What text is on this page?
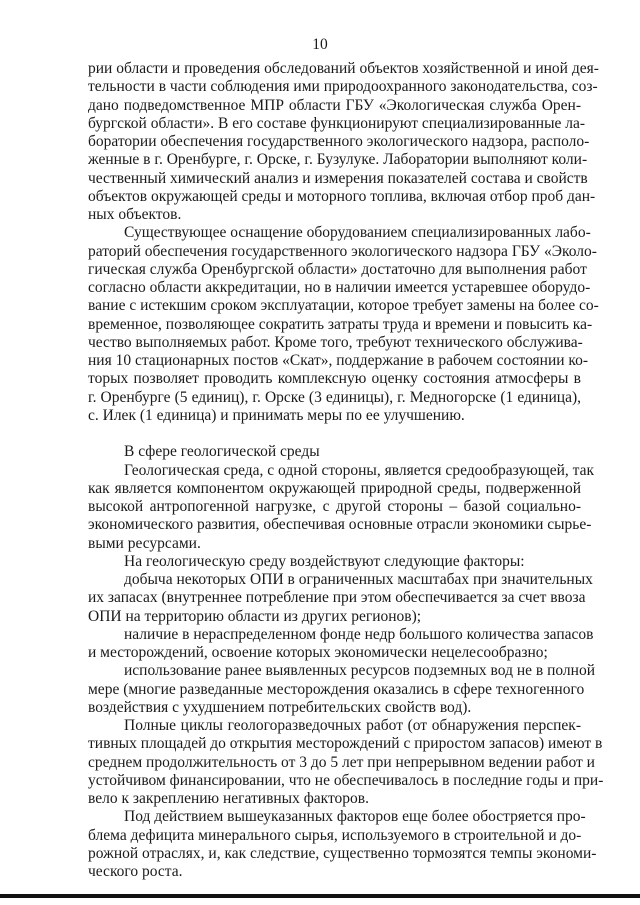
10
рии области и проведения обследований объектов хозяйственной и иной дея-
тельности в части соблюдения ими природоохранного законодательства, соз-
дано подведомственное МПР области ГБУ «Экологическая служба Орен-
бургской области». В его составе функционируют специализированные ла-
боратории обеспечения государственного экологического надзора, располо-
женные в г. Оренбурге, г. Орске, г. Бузулуке. Лаборатории выполняют коли-
чественный химический анализ и измерения показателей состава и свойств
объектов окружающей среды и моторного топлива, включая отбор проб дан-
ных объектов.
Существующее оснащение оборудованием специализированных лабо-
раторий обеспечения государственного экологического надзора ГБУ «Эколо-
гическая служба Оренбургской области» достаточно для выполнения работ
согласно области аккредитации, но в наличии имеется устаревшее оборудо-
вание с истекшим сроком эксплуатации, которое требует замены на более со-
временное, позволяющее сократить затраты труда и времени и повысить ка-
чество выполняемых работ. Кроме того, требуют технического обслужива-
ния 10 стационарных постов «Скат», поддержание в рабочем состоянии ко-
торых позволяет проводить комплексную оценку состояния атмосферы в
г. Оренбурге (5 единиц), г. Орске (3 единицы), г. Медногорске (1 единица),
с. Илек (1 единица) и принимать меры по ее улучшению.
В сфере геологической среды
Геологическая среда, с одной стороны, является средообразующей, так
как является компонентом окружающей природной среды, подверженной
высокой антропогенной нагрузке, с другой стороны – базой социально-
экономического развития, обеспечивая основные отрасли экономики сырье-
выми ресурсами.
На геологическую среду воздействуют следующие факторы:
добыча некоторых ОПИ в ограниченных масштабах при значительных
их запасах (внутреннее потребление при этом обеспечивается за счет ввоза
ОПИ на территорию области из других регионов);
наличие в нераспределенном фонде недр большого количества запасов
и месторождений, освоение которых экономически нецелесообразно;
использование ранее выявленных ресурсов подземных вод не в полной
мере (многие разведанные месторождения оказались в сфере техногенного
воздействия с ухудшением потребительских свойств вод).
Полные циклы геологоразведочных работ (от обнаружения перспек-
тивных площадей до открытия месторождений с приростом запасов) имеют в
среднем продолжительность от 3 до 5 лет при непрерывном ведении работ и
устойчивом финансировании, что не обеспечивалось в последние годы и при-
вело к закреплению негативных факторов.
Под действием вышеуказанных факторов еще более обостряется про-
блема дефицита минерального сырья, используемого в строительной и до-
рожной отраслях, и, как следствие, существенно тормозятся темпы экономи-
ческого роста.
